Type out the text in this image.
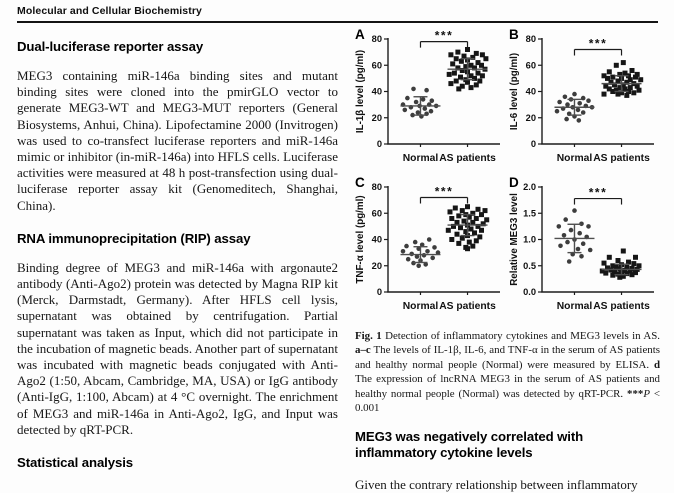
Molecular and Cellular Biochemistry
Dual-luciferase reporter assay

MEG3 containing miR-146a binding sites and mutant binding sites were cloned into the pmirGLO vector to generate MEG3-WT and MEG3-MUT reporters (General Biosystems, Anhui, China). Lipofectamine 2000 (Invitrogen) was used to co-transfect luciferase reporters and miR-146a mimic or inhibitor (in-miR-146a) into HFLS cells. Luciferase activities were measured at 48 h post-transfection using dual-luciferase reporter assay kit (Genomeditech, Shanghai, China).

RNA immunoprecipitation (RIP) assay

Binding degree of MEG3 and miR-146a with argonaute2 antibody (Anti-Ago2) protein was detected by Magna RIP kit (Merck, Darmstadt, Germany). After HFLS cell lysis, supernatant was obtained by centrifugation. Partial supernatant was taken as Input, which did not participate in the incubation of magnetic beads. Another part of supernatant was incubated with magnetic beads conjugated with Anti-Ago2 (1:50, Abcam, Cambridge, MA, USA) or IgG antibody (Anti-IgG, 1:100, Abcam) at 4 °C overnight. The enrichment of MEG3 and miR-146a in Anti-Ago2, IgG, and Input was detected by qRT-PCR.

Statistical analysis
0
20
40
60
80
Normal AS patients
***
A
IL-1β level (pg/ml)
0
20
40
60
80
Normal AS patients
***
B
IL-6 level (pg/ml)
0
20
40
60
80
Normal AS patients
***
C
TNF-α level (pg/ml)
0.0
0.5
1.0
1.5
2.0
Normal AS patients
***
D
Relative MEG3 level

Fig. 1 Detection of inflammatory cytokines and MEG3 levels in AS. a–c The levels of IL-1β, IL-6, and TNF-α in the serum of AS patients and healthy normal people (Normal) were measured by ELISA. d The expression of lncRNA MEG3 in the serum of AS patients and healthy normal people (Normal) was detected by qRT-PCR. ***P < 0.001

MEG3 was negatively correlated with inflammatory cytokine levels

Given the contrary relationship between inflammatory
